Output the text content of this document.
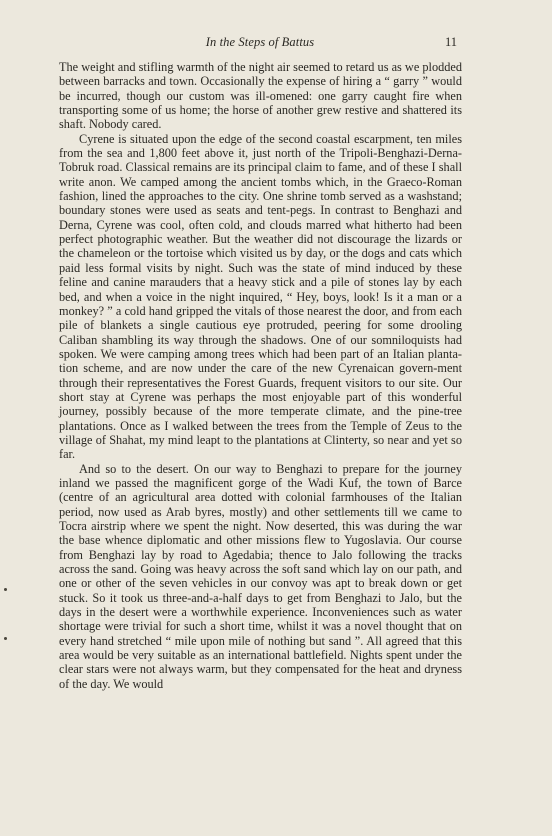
In the Steps of Battus	11

The weight and stifling warmth of the night air seemed to retard us as we plodded between barracks and town. Occasionally the expense of hiring a “ garry ” would be incurred, though our custom was ill-omened: one garry caught fire when transporting some of us home; the horse of another grew restive and shattered its shaft. Nobody cared.

Cyrene is situated upon the edge of the second coastal escarpment, ten miles from the sea and 1,800 feet above it, just north of the Tripoli-Benghazi-Derna-Tobruk road. Classical remains are its principal claim to fame, and of these I shall write anon. We camped among the ancient tombs which, in the Graeco-Roman fashion, lined the approaches to the city. One shrine tomb served as a washstand; boundary stones were used as seats and tent-pegs. In contrast to Benghazi and Derna, Cyrene was cool, often cold, and clouds marred what hitherto had been perfect photographic weather. But the weather did not discourage the lizards or the chameleon or the tortoise which visited us by day, or the dogs and cats which paid less formal visits by night. Such was the state of mind induced by these feline and canine marauders that a heavy stick and a pile of stones lay by each bed, and when a voice in the night inquired, “ Hey, boys, look! Is it a man or a monkey? ” a cold hand gripped the vitals of those nearest the door, and from each pile of blankets a single cautious eye protruded, peering for some drooling Caliban shambling its way through the shadows. One of our somniloquists had spoken. We were camping among trees which had been part of an Italian planta-tion scheme, and are now under the care of the new Cyrenaican govern-ment through their representatives the Forest Guards, frequent visitors to our site. Our short stay at Cyrene was perhaps the most enjoyable part of this wonderful journey, possibly because of the more temperate climate, and the pine-tree plantations. Once as I walked between the trees from the Temple of Zeus to the village of Shahat, my mind leapt to the plantations at Clinterty, so near and yet so far.

And so to the desert. On our way to Benghazi to prepare for the journey inland we passed the magnificent gorge of the Wadi Kuf, the town of Barce (centre of an agricultural area dotted with colonial farmhouses of the Italian period, now used as Arab byres, mostly) and other settlements till we came to Tocra airstrip where we spent the night. Now deserted, this was during the war the base whence diplomatic and other missions flew to Yugoslavia. Our course from Benghazi lay by road to Agedabia; thence to Jalo following the tracks across the sand. Going was heavy across the soft sand which lay on our path, and one or other of the seven vehicles in our convoy was apt to break down or get stuck. So it took us three-and-a-half days to get from Benghazi to Jalo, but the days in the desert were a worthwhile experience. Inconveniences such as water shortage were trivial for such a short time, whilst it was a novel thought that on every hand stretched “ mile upon mile of nothing but sand ”. All agreed that this area would be very suitable as an international battlefield. Nights spent under the clear stars were not always warm, but they compensated for the heat and dryness of the day. We would
